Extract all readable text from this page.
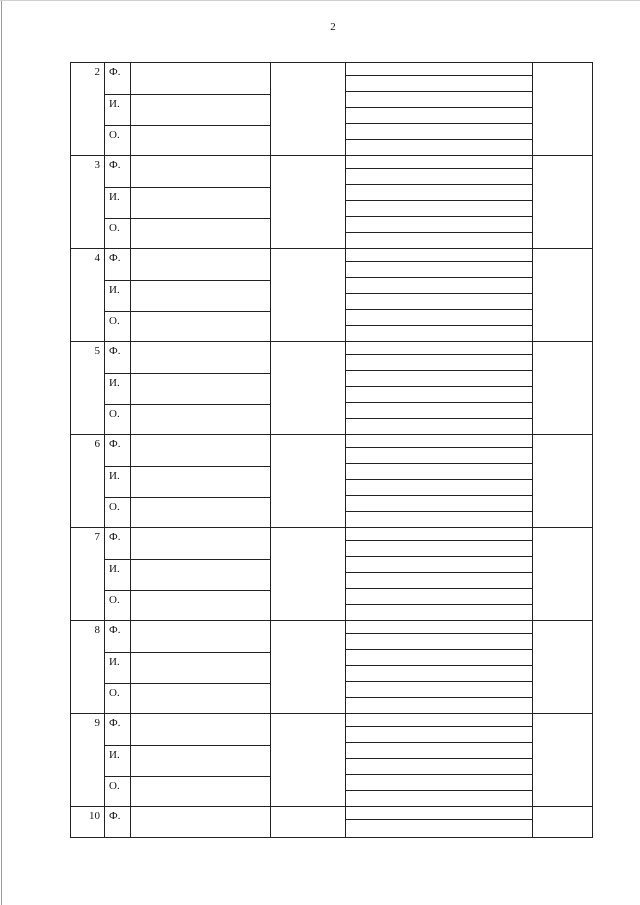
2
2 Ф.
И.
О.
3 Ф.
И.
О.
4 Ф.
И.
О.
5 Ф.
И.
О.
6 Ф.
И.
О.
7 Ф.
И.
О.
8 Ф.
И.
О.
9 Ф.
И.
О.
10 Ф.
